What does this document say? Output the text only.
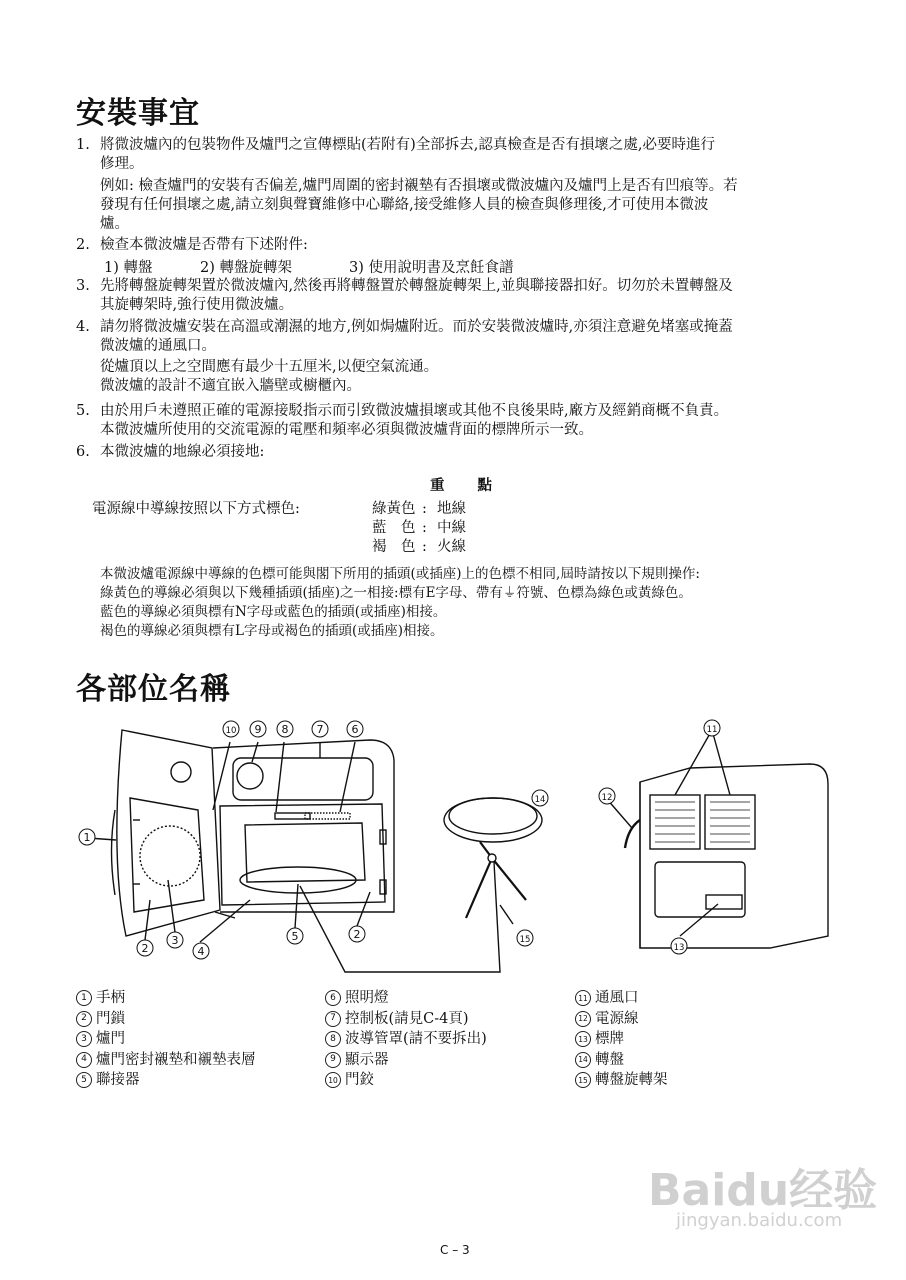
安裝事宜
1. 將微波爐內的包裝物件及爐門之宣傳標貼(若附有)全部拆去,認真檢查是否有損壞之處,必要時進行
修理。
例如: 檢查爐門的安裝有否偏差,爐門周圍的密封襯墊有否損壞或微波爐內及爐門上是否有凹痕等。若
發現有任何損壞之處,請立刻與聲寶維修中心聯絡,接受維修人員的檢查與修理後,才可使用本微波
爐。
2. 檢查本微波爐是否帶有下述附件:
1) 轉盤	2) 轉盤旋轉架	3) 使用說明書及烹飪食譜
3. 先將轉盤旋轉架置於微波爐內,然後再將轉盤置於轉盤旋轉架上,並與聯接器扣好。切勿於未置轉盤及
其旋轉架時,強行使用微波爐。
4. 請勿將微波爐安裝在高溫或潮濕的地方,例如焗爐附近。而於安裝微波爐時,亦須注意避免堵塞或掩蓋
微波爐的通風口。
從爐頂以上之空間應有最少十五厘米,以便空氣流通。
微波爐的設計不適宜嵌入牆壁或櫥櫃內。
5. 由於用戶未遵照正確的電源接駁指示而引致微波爐損壞或其他不良後果時,廠方及經銷商概不負責。
本微波爐所使用的交流電源的電壓和頻率必須與微波爐背面的標牌所示一致。
6. 本微波爐的地線必須接地:
重 點
電源線中導線按照以下方式標色:	綠黃色 : 地線
藍　色 : 中線
褐　色 : 火線
本微波爐電源線中導線的色標可能與閣下所用的插頭(或插座)上的色標不相同,屆時請按以下規則操作:
綠黃色的導線必須與以下幾種插頭(插座)之一相接:標有E字母、帶有⏚符號、色標為綠色或黃綠色。
藍色的導線必須與標有N字母或藍色的插頭(或插座)相接。
褐色的導線必須與標有L字母或褐色的插頭(或插座)相接。
各部位名稱
1
2
3
4
5	2
10 9 8	7	6
14
15
12
11
13
1 手柄
2 門鎖
3 爐門
4 爐門密封襯墊和襯墊表層
5 聯接器
6 照明燈
7 控制板(請見C-4頁)
8 波導管罩(請不要拆出)
9 顯示器
10 門鉸
11 通風口
12 電源線
13 標牌
14 轉盤
15 轉盤旋轉架
Baidu经验
jingyan.baidu.com
C – 3
